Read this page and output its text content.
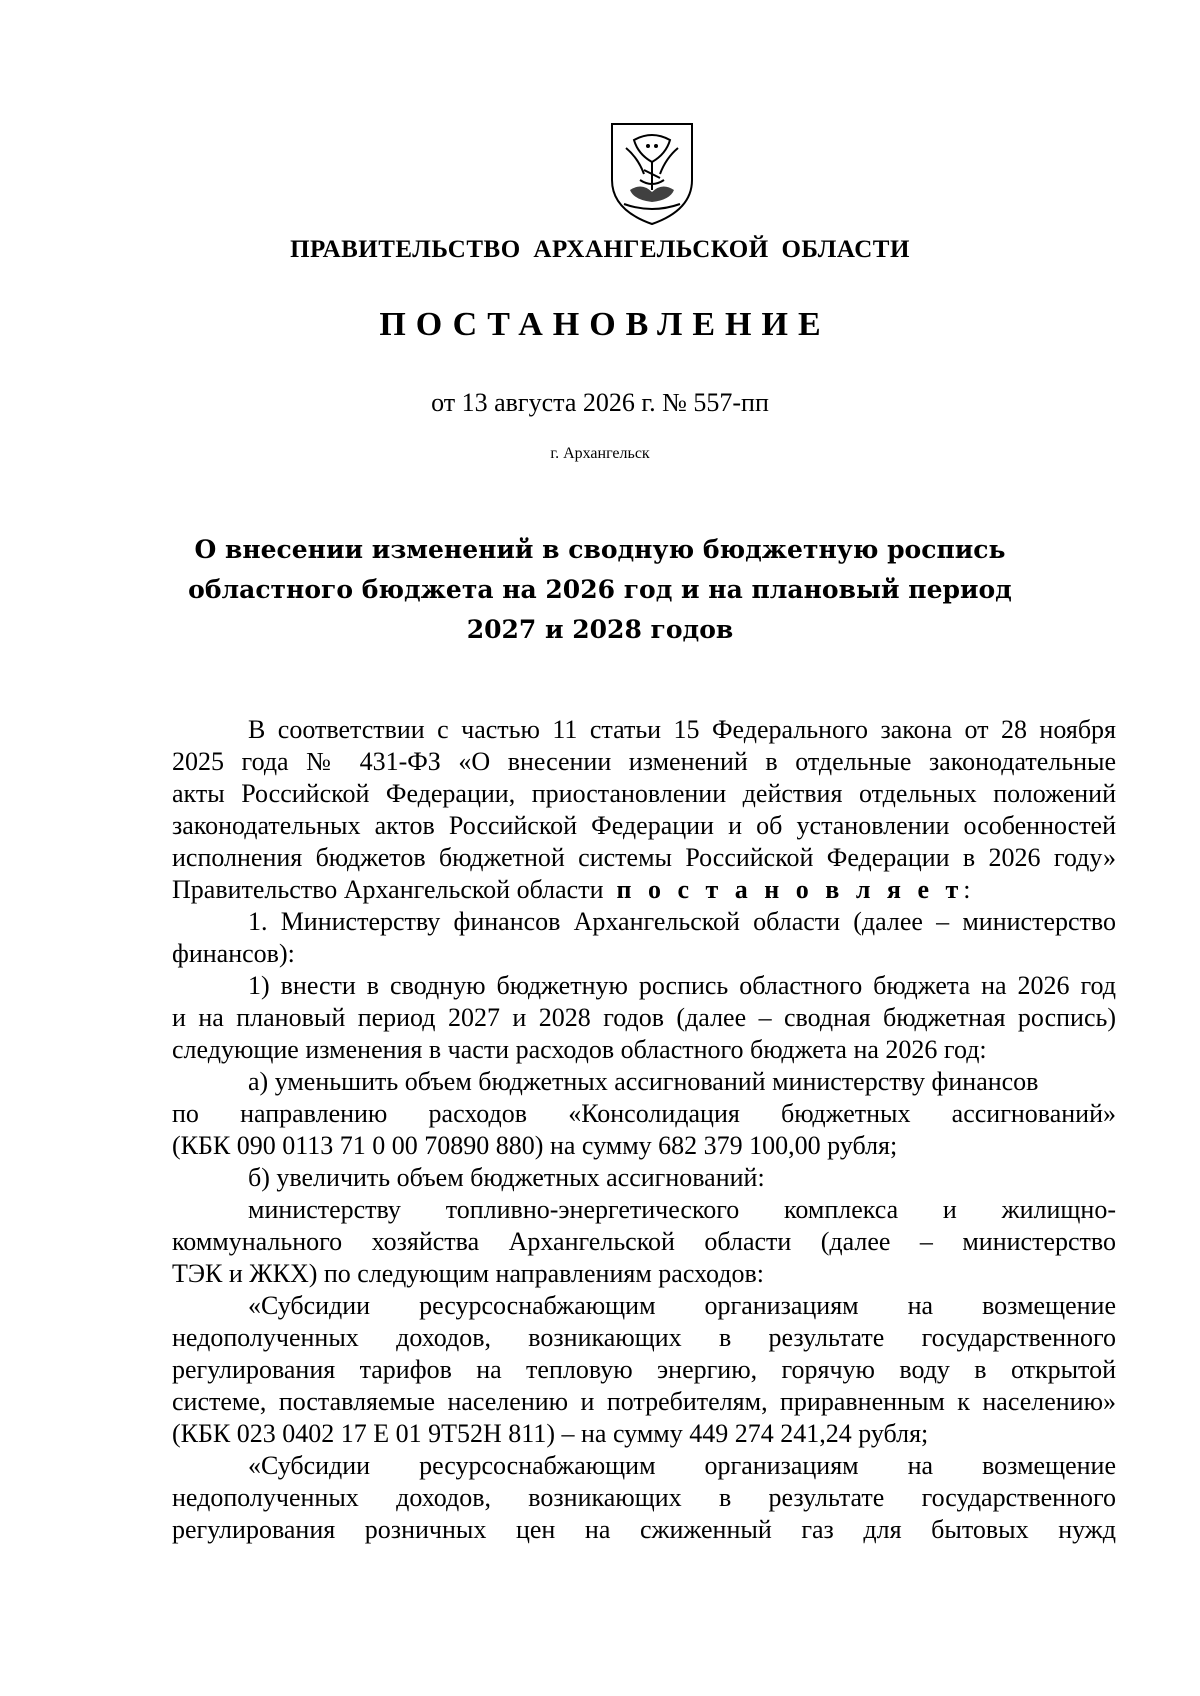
ПРАВИТЕЛЬСТВО АРХАНГЕЛЬСКОЙ ОБЛАСТИ
ПОСТАНОВЛЕНИЕ
от 13 августа 2026 г. № 557-пп
г. Архангельск
О внесении изменений в сводную бюджетную роспись
областного бюджета на 2026 год и на плановый период
2027 и 2028 годов
В соответствии с частью 11 статьи 15 Федерального закона от 28 ноября
2025 года № 431-ФЗ «О внесении изменений в отдельные законодательные
акты Российской Федерации, приостановлении действия отдельных положений
законодательных актов Российской Федерации и об установлении особенностей
исполнения бюджетов бюджетной системы Российской Федерации в 2026 году»
Правительство Архангельской области п о с т а н о в л я е т:
1. Министерству финансов Архангельской области (далее – министерство
финансов):
1) внести в сводную бюджетную роспись областного бюджета на 2026 год
и на плановый период 2027 и 2028 годов (далее – сводная бюджетная роспись)
следующие изменения в части расходов областного бюджета на 2026 год:
а) уменьшить объем бюджетных ассигнований министерству финансов
по направлению расходов «Консолидация бюджетных ассигнований»
(КБК 090 0113 71 0 00 70890 880) на сумму 682 379 100,00 рубля;
б) увеличить объем бюджетных ассигнований:
министерству топливно-энергетического комплекса и жилищно-
коммунального хозяйства Архангельской области (далее – министерство
ТЭК и ЖКХ) по следующим направлениям расходов:
«Субсидии ресурсоснабжающим организациям на возмещение
недополученных доходов, возникающих в результате государственного
регулирования тарифов на тепловую энергию, горячую воду в открытой
системе, поставляемые населению и потребителям, приравненным к населению»
(КБК 023 0402 17 Е 01 9Т52Н 811) – на сумму 449 274 241,24 рубля;
«Субсидии ресурсоснабжающим организациям на возмещение
недополученных доходов, возникающих в результате государственного
регулирования розничных цен на сжиженный газ для бытовых нужд
